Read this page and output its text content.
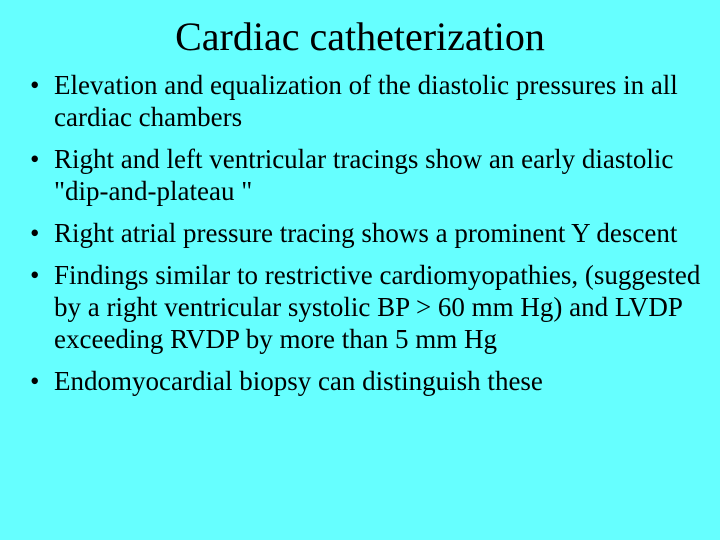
Cardiac catheterization
• Elevation and equalization of the diastolic pressures in all cardiac chambers
• Right and left ventricular tracings show an early diastolic "dip-and-plateau "
• Right atrial pressure tracing shows a prominent Y descent
• Findings similar to restrictive cardiomyopathies, (suggested by a right ventricular systolic BP > 60 mm Hg) and LVDP exceeding RVDP by more than 5 mm Hg
• Endomyocardial biopsy can distinguish these
